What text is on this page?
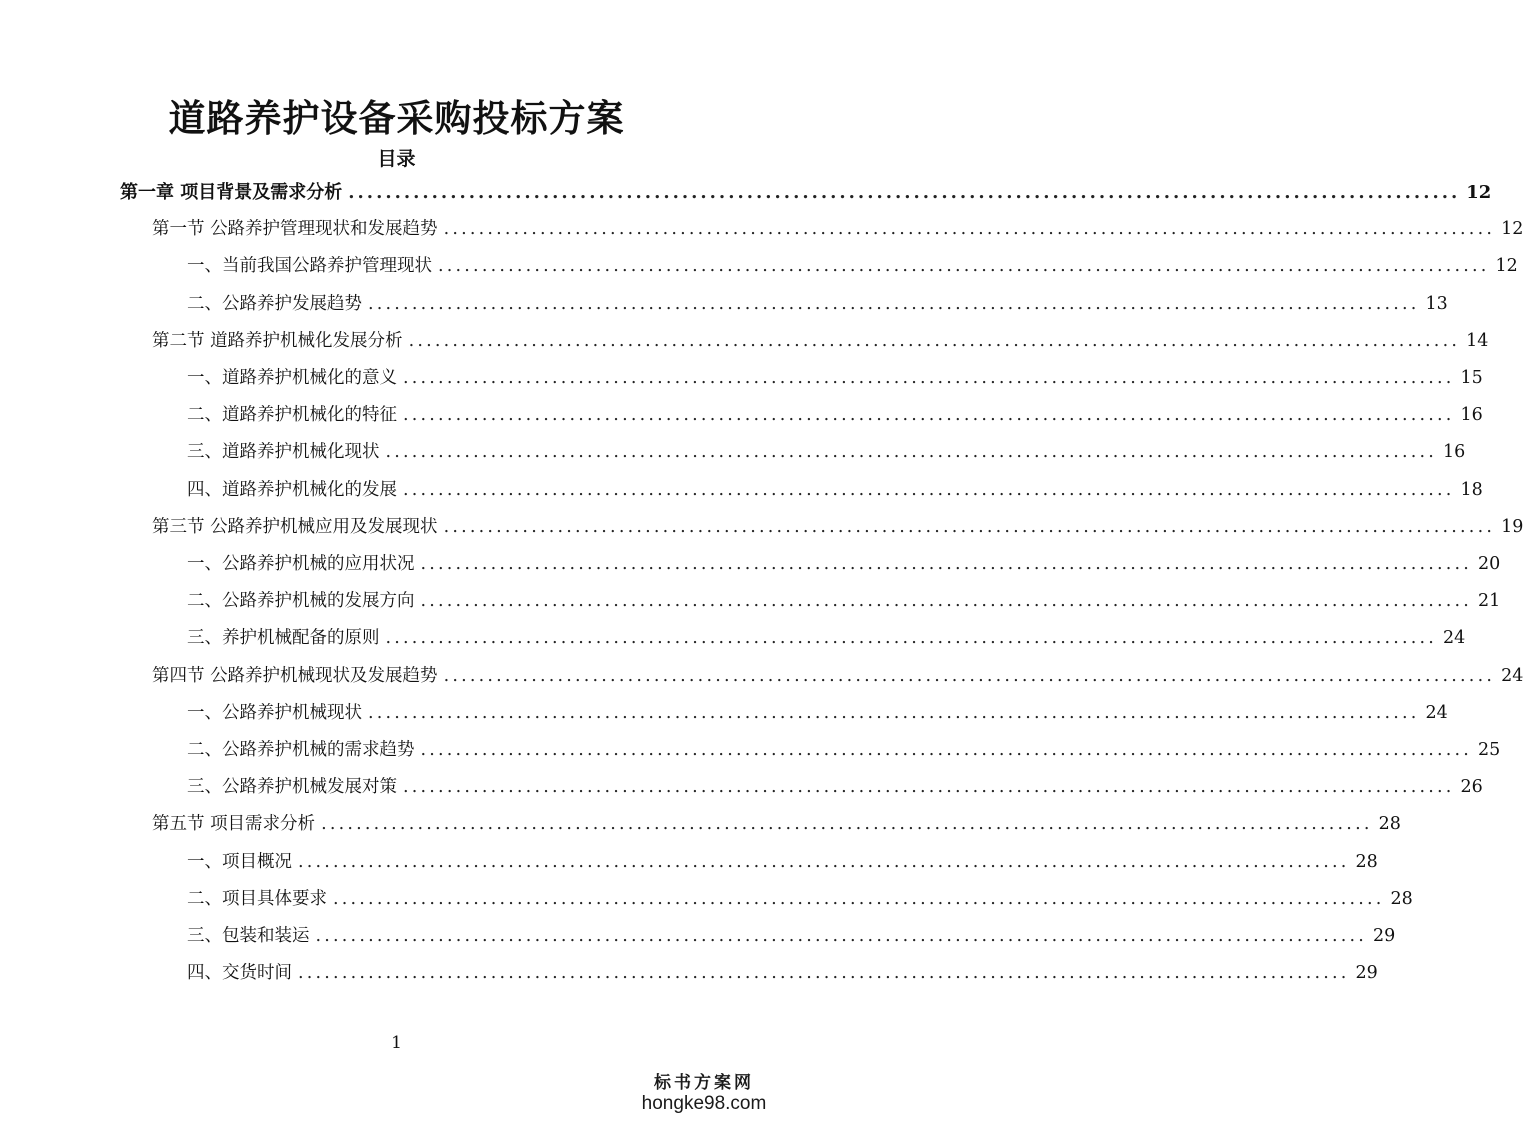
道路养护设备采购投标方案
目录
第一章 项目背景及需求分析 ........................................................................................................................ 12
第一节 公路养护管理现状和发展趋势 ........................................................................................................................ 12
一、当前我国公路养护管理现状 ........................................................................................................................ 12
二、公路养护发展趋势 ........................................................................................................................ 13
第二节 道路养护机械化发展分析 ........................................................................................................................ 14
一、道路养护机械化的意义 ........................................................................................................................ 15
二、道路养护机械化的特征 ........................................................................................................................ 16
三、道路养护机械化现状 ........................................................................................................................ 16
四、道路养护机械化的发展 ........................................................................................................................ 18
第三节 公路养护机械应用及发展现状 ........................................................................................................................ 19
一、公路养护机械的应用状况 ........................................................................................................................ 20
二、公路养护机械的发展方向 ........................................................................................................................ 21
三、养护机械配备的原则 ........................................................................................................................ 24
第四节 公路养护机械现状及发展趋势 ........................................................................................................................ 24
一、公路养护机械现状 ........................................................................................................................ 24
二、公路养护机械的需求趋势 ........................................................................................................................ 25
三、公路养护机械发展对策 ........................................................................................................................ 26
第五节 项目需求分析 ........................................................................................................................ 28
一、项目概况 ........................................................................................................................ 28
二、项目具体要求 ........................................................................................................................ 28
三、包装和装运 ........................................................................................................................ 29
四、交货时间 ........................................................................................................................ 29
1
标书方案网
hongke98.com
